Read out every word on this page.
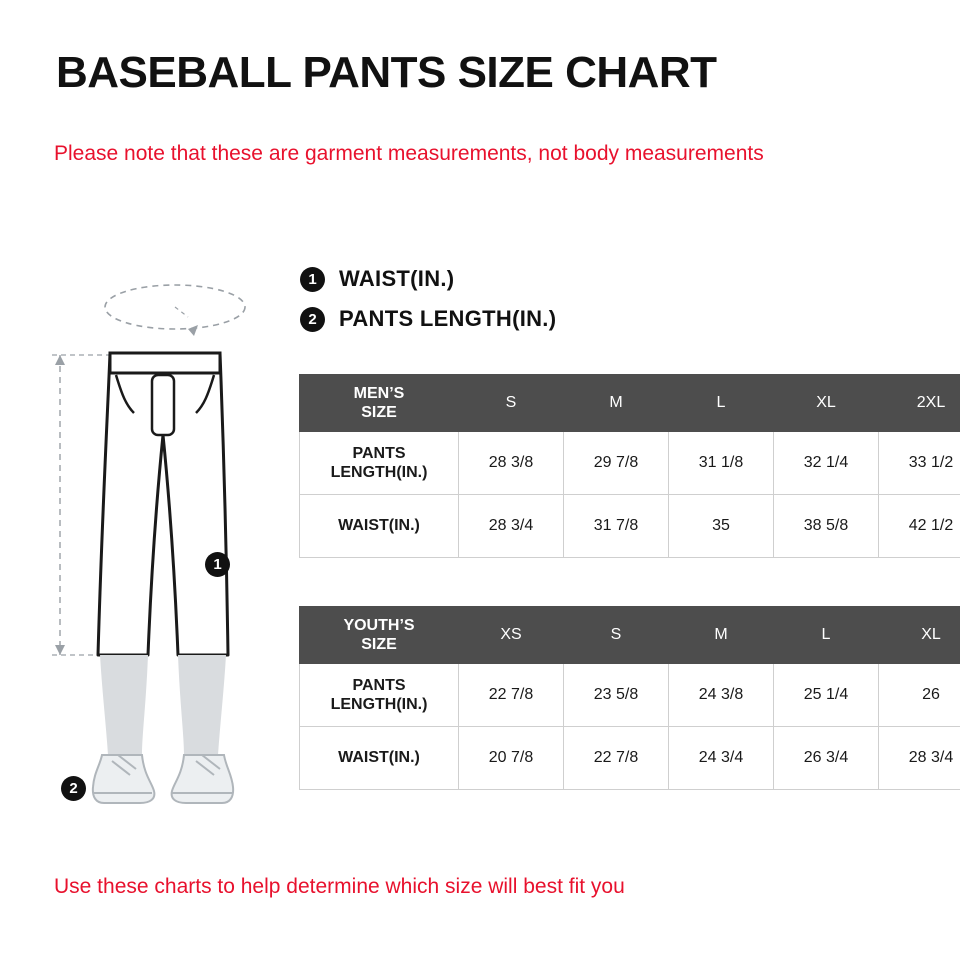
BASEBALL PANTS SIZE CHART
Please note that these are garment measurements, not body measurements
1	WAIST(IN.)
2	PANTS LENGTH(IN.)
1
2
MEN’S
SIZE	S	M	L	XL	2XL
PANTS
LENGTH(IN.)	28 3/8	29 7/8	31 1/8	32 1/4	33 1/2
WAIST(IN.)	28 3/4	31 7/8	35	38 5/8	42 1/2
YOUTH’S
SIZE	XS	S	M	L	XL
PANTS
LENGTH(IN.)	22 7/8	23 5/8	24 3/8	25 1/4	26
WAIST(IN.)	20 7/8	22 7/8	24 3/4	26 3/4	28 3/4
Use these charts to help determine which size will best fit you
